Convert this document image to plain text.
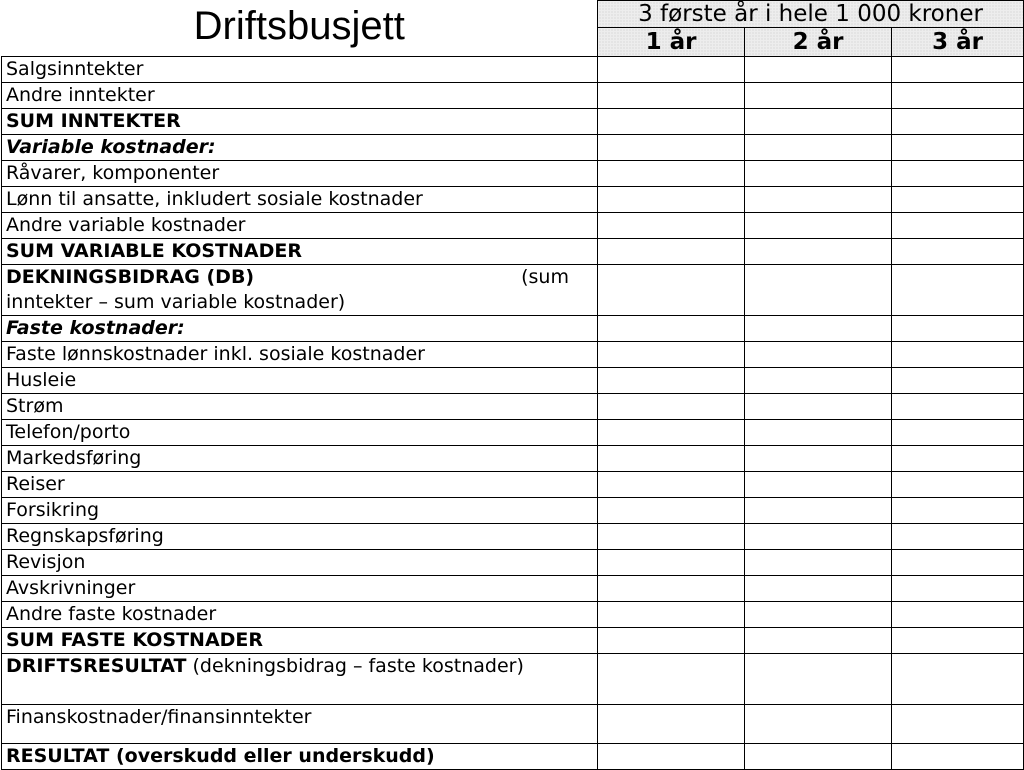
Driftsbusjett	3 første år i hele 1 000 kroner		
	1 år	2 år	3 år
Salgsinntekter			
Andre inntekter			
SUM INNTEKTER			
Variable kostnader:			
Råvarer, komponenter			
Lønn til ansatte, inkludert sosiale kostnader			
Andre variable kostnader			
SUM VARIABLE KOSTNADER			

DEKNINGSBIDRAG (DB) (sum
inntekter – sum variable kostnader)			

Faste kostnader:			
Faste lønnskostnader inkl. sosiale kostnader			
Husleie			
Strøm			
Telefon/porto			
Markedsføring			
Reiser			
Forsikring			
Regnskapsføring			
Revisjon			
Avskrivninger			
Andre faste kostnader			
SUM FASTE KOSTNADER			
DRIFTSRESULTAT (dekningsbidrag – faste kostnader)			
Finanskostnader/finansinntekter			
RESULTAT (overskudd eller underskudd)			
